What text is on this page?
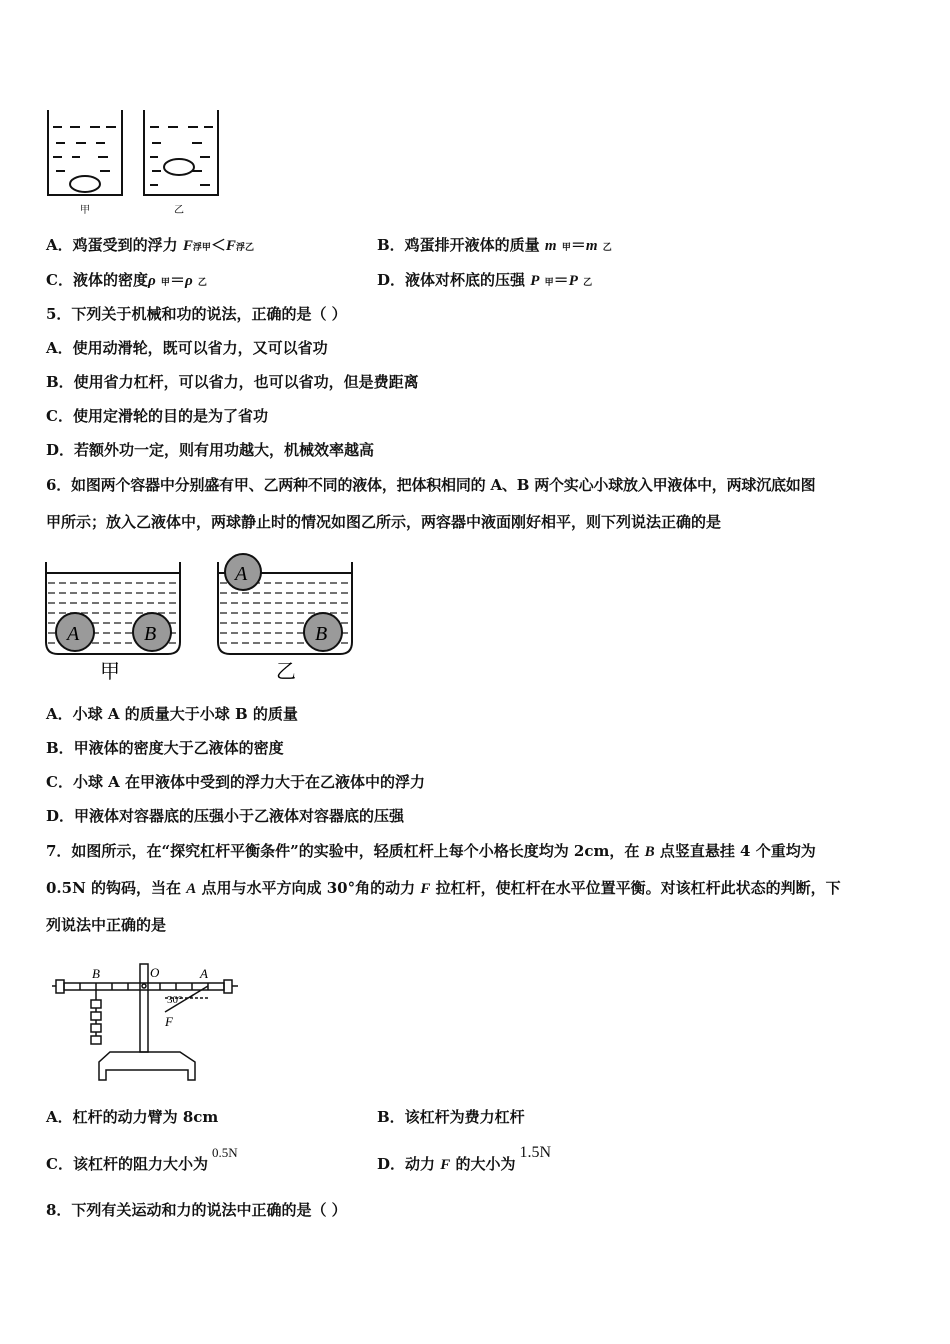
甲	乙
A．鸡蛋受到的浮力 F浮甲＜F浮乙	B．鸡蛋排开液体的质量 m 甲＝m 乙
C．液体的密度ρ 甲＝ρ 乙	D．液体对杯底的压强 P 甲＝P 乙
5．下列关于机械和功的说法，正确的是（ ）
A．使用动滑轮，既可以省力，又可以省功
B．使用省力杠杆，可以省力，也可以省功，但是费距离
C．使用定滑轮的目的是为了省功
D．若额外功一定，则有用功越大，机械效率越高
6．如图两个容器中分别盛有甲、乙两种不同的液体，把体积相同的 A、B 两个实心小球放入甲液体中，两球沉底如图
甲所示；放入乙液体中，两球静止时的情况如图乙所示，两容器中液面刚好相平，则下列说法正确的是
A	B
A
B
甲	乙
A．小球 A 的质量大于小球 B 的质量
B．甲液体的密度大于乙液体的密度
C．小球 A 在甲液体中受到的浮力大于在乙液体中的浮力
D．甲液体对容器底的压强小于乙液体对容器底的压强
7．如图所示，在“探究杠杆平衡条件”的实验中，轻质杠杆上每个小格长度均为 2cm，在 B 点竖直悬挂 4 个重均为
0.5N 的钩码，当在 A 点用与水平方向成 30°角的动力 F 拉杠杆，使杠杆在水平位置平衡。对该杠杆此状态的判断，下
列说法中正确的是
B	O	A
30°
F
A．杠杆的动力臂为 8cm	B．该杠杆为费力杠杆
C．该杠杆的阻力大小为0.5N
D．动力 F 的大小为1.5N
8．下列有关运动和力的说法中正确的是（ ）
